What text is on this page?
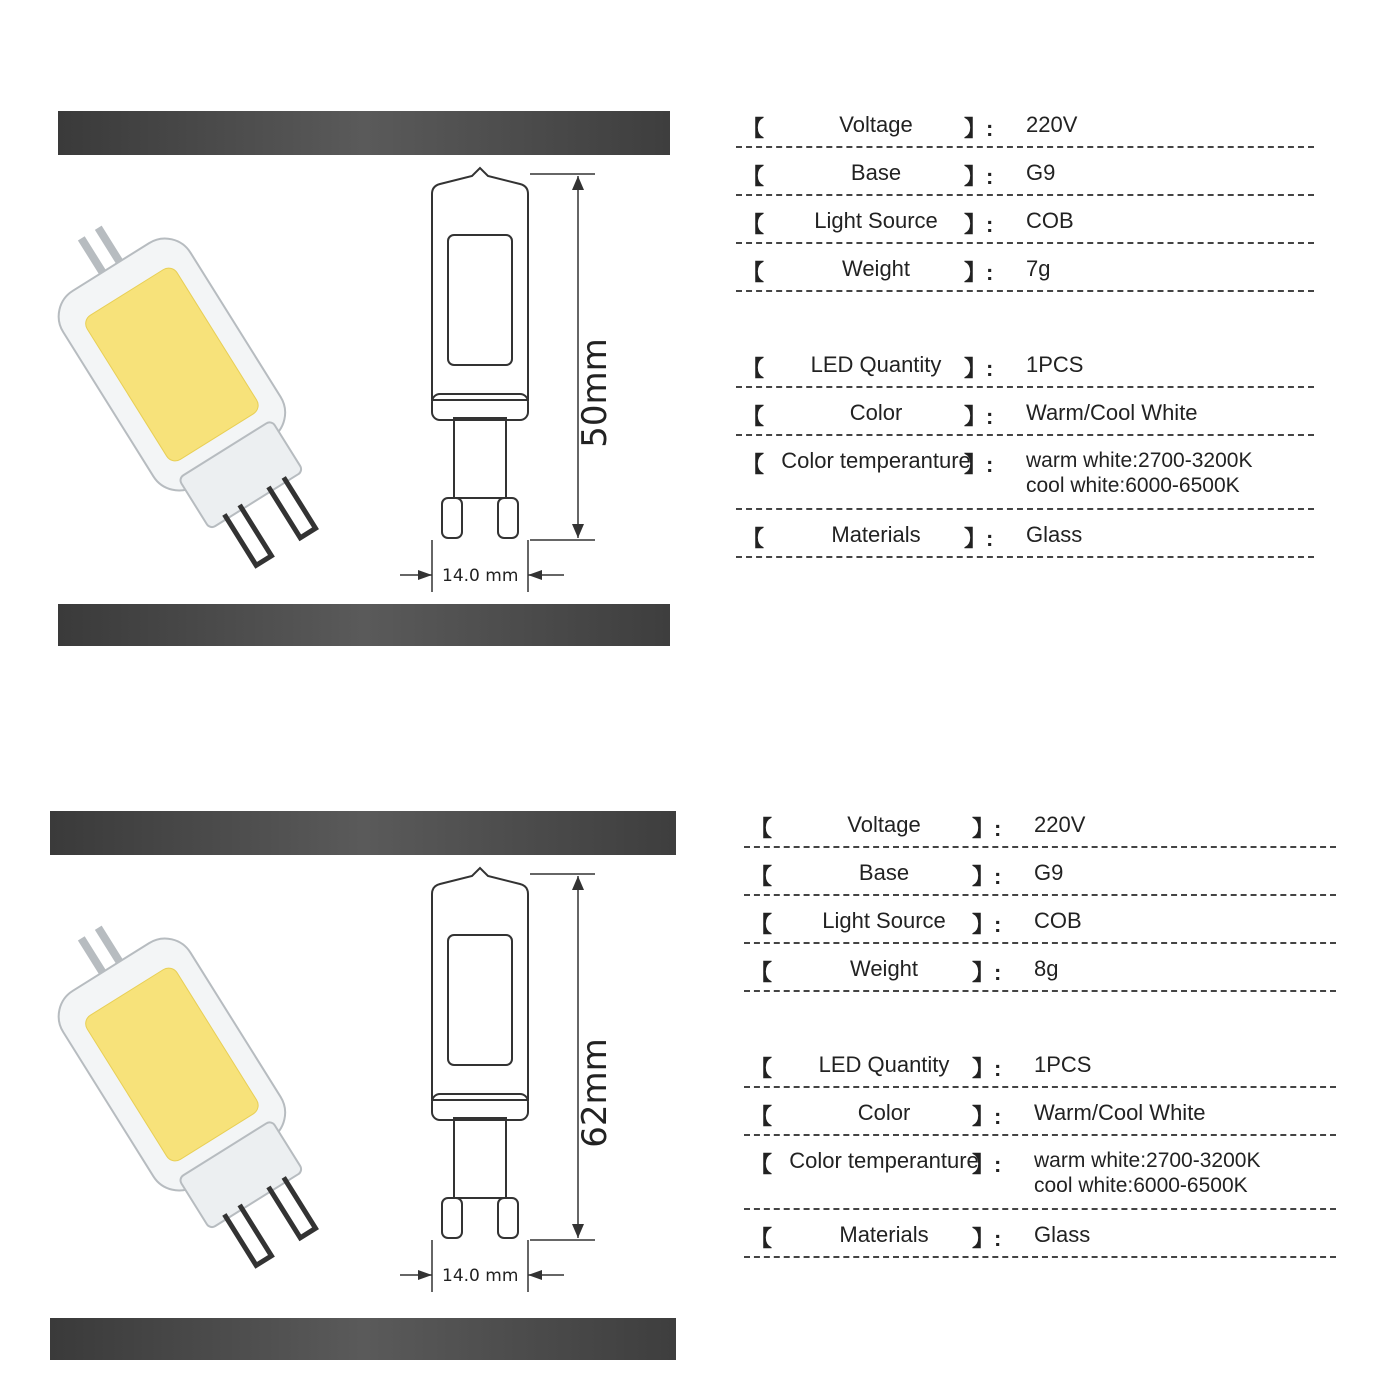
50mm
14.0 mm
【	Voltage	】: 220V
【	Base	】: G9
【	Light Source	】: COB
【	Weight	】: 7g
【	LED Quantity	】: 1PCS
【	Color	】: Warm/Cool White
【 Color temperanture
】: warm white:2700-3200K
cool white:6000-6500K
【	Materials	】: Glass
62mm
14.0 mm
【	Voltage	】: 220V
【	Base	】: G9
【	Light Source	】: COB
【	Weight	】: 8g
【	LED Quantity	】: 1PCS
【	Color	】: Warm/Cool White
【 Color temperanture
】: warm white:2700-3200K
cool white:6000-6500K
【	Materials	】: Glass
